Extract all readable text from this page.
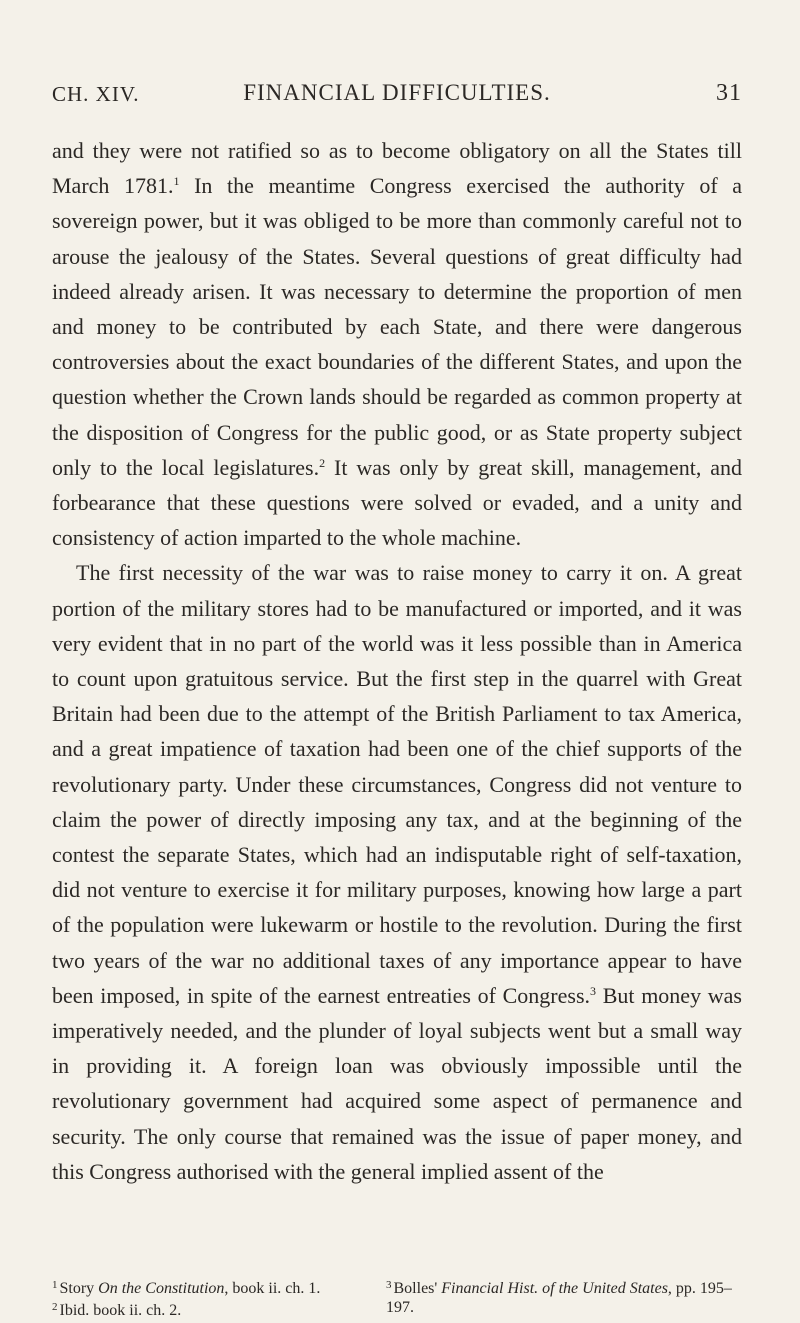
CH. XIV.	FINANCIAL DIFFICULTIES.	31

and they were not ratified so as to become obligatory on all the States till March 1781.$^1$ In the meantime Congress exercised the authority of a sovereign power, but it was obliged to be more than commonly careful not to arouse the jealousy of the States. Several questions of great difficulty had indeed already arisen. It was necessary to determine the proportion of men and money to be contributed by each State, and there were dangerous controversies about the exact boundaries of the different States, and upon the question whether the Crown lands should be regarded as common property at the disposition of Congress for the public good, or as State property subject only to the local legislatures.$^2$ It was only by great skill, management, and forbearance that these questions were solved or evaded, and a unity and consistency of action imparted to the whole machine.

The first necessity of the war was to raise money to carry it on. A great portion of the military stores had to be manufactured or imported, and it was very evident that in no part of the world was it less possible than in America to count upon gratuitous service. But the first step in the quarrel with Great Britain had been due to the attempt of the British Parliament to tax America, and a great impatience of taxation had been one of the chief supports of the revolutionary party. Under these circumstances, Congress did not venture to claim the power of directly imposing any tax, and at the beginning of the contest the separate States, which had an indisputable right of self-taxation, did not venture to exercise it for military purposes, knowing how large a part of the population were lukewarm or hostile to the revolution. During the first two years of the war no additional taxes of any importance appear to have been imposed, in spite of the earnest entreaties of Congress.$^3$ But money was imperatively needed, and the plunder of loyal subjects went but a small way in providing it. A foreign loan was obviously impossible until the revolutionary government had acquired some aspect of permanence and security. The only course that remained was the issue of paper money, and this Congress authorised with the general implied assent of the

$^1$ Story On the Constitution, book ii. ch. 1.
$^2$ Ibid. book ii. ch. 2.
$^3$ Bolles' Financial Hist. of the United States, pp. 195–197.
